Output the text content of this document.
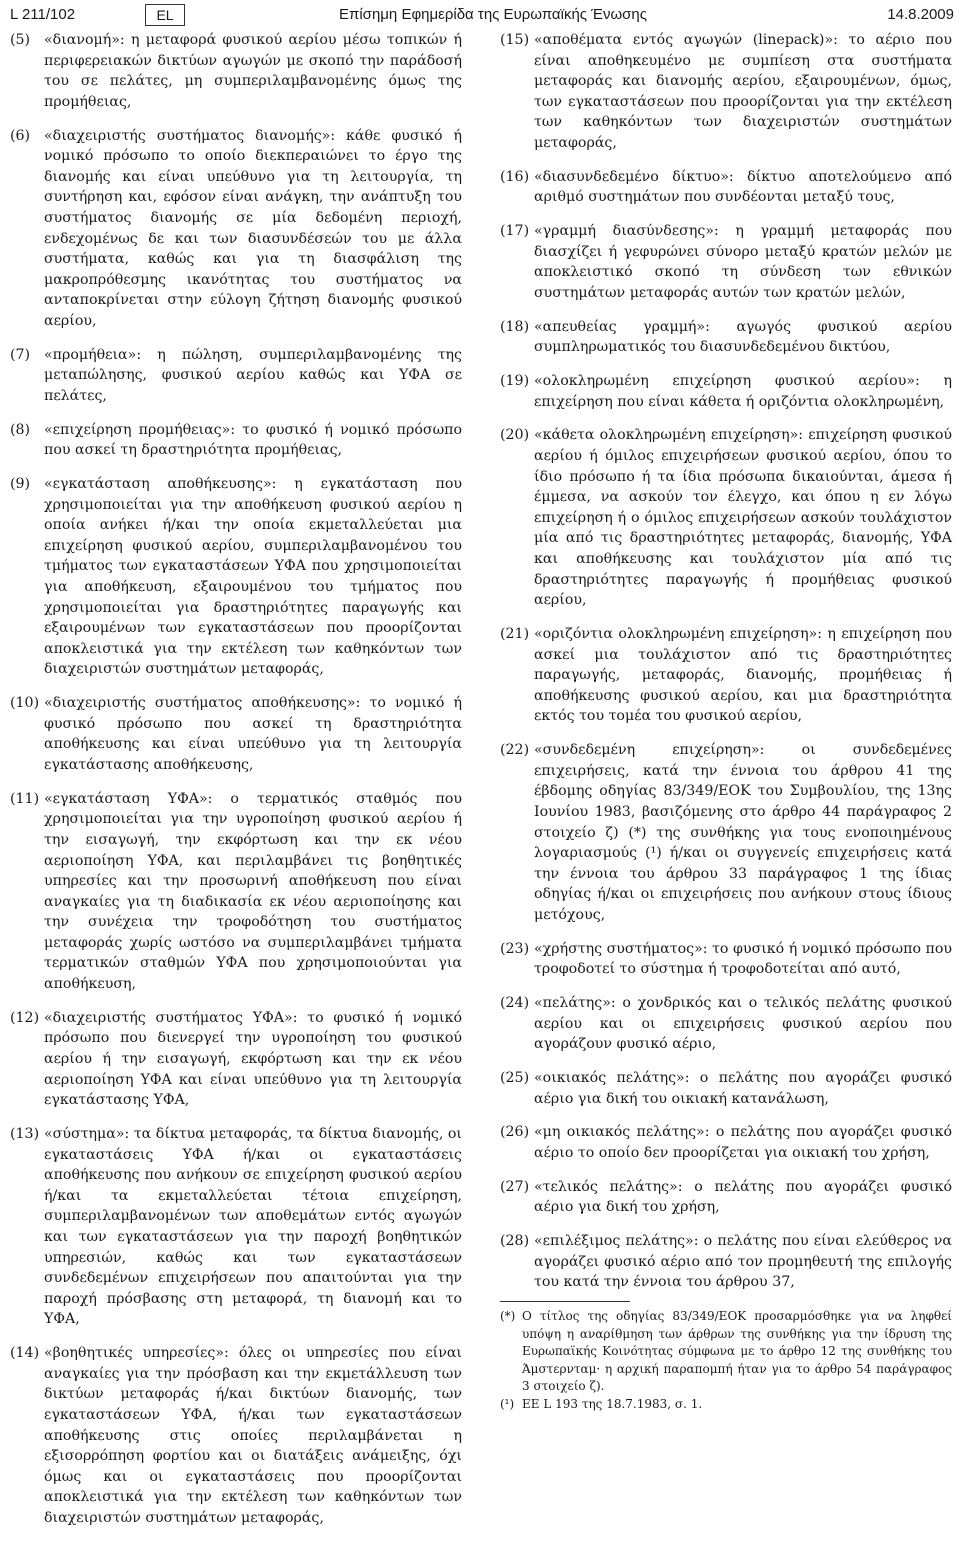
L 211/102	EL	Επίσημη Εφημερίδα της Ευρωπαϊκής Ένωσης	14.8.2009
(5) «διανομή»: η μεταφορά φυσικού αερίου μέσω τοπικών ή περιφερειακών δικτύων αγωγών με σκοπό την παράδοσή του σε πελάτες, μη συμπεριλαμβανομένης όμως της προμήθειας,
(6) «διαχειριστής συστήματος διανομής»: κάθε φυσικό ή νομικό πρόσωπο το οποίο διεκπεραιώνει το έργο της διανομής και είναι υπεύθυνο για τη λειτουργία, τη συντήρηση και, εφόσον είναι ανάγκη, την ανάπτυξη του συστήματος διανομής σε μία δεδομένη περιοχή, ενδεχομένως δε και των διασυνδέσεών του με άλλα συστήματα, καθώς και για τη διασφάλιση της μακροπρόθεσμης ικανότητας του συστήματος να ανταποκρίνεται στην εύλογη ζήτηση διανομής φυσικού αερίου,
(7) «προμήθεια»: η πώληση, συμπεριλαμβανομένης της μεταπώλησης, φυσικού αερίου καθώς και ΥΦΑ σε πελάτες,
(8) «επιχείρηση προμήθειας»: το φυσικό ή νομικό πρόσωπο που ασκεί τη δραστηριότητα προμήθειας,
(9) «εγκατάσταση αποθήκευσης»: η εγκατάσταση που χρησιμοποιείται για την αποθήκευση φυσικού αερίου η οποία ανήκει ή/και την οποία εκμεταλλεύεται μια επιχείρηση φυσικού αερίου, συμπεριλαμβανομένου του τμήματος των εγκαταστάσεων ΥΦΑ που χρησιμοποιείται για αποθήκευση, εξαιρουμένου του τμήματος που χρησιμοποιείται για δραστηριότητες παραγωγής και εξαιρουμένων των εγκαταστάσεων που προορίζονται αποκλειστικά για την εκτέλεση των καθηκόντων των διαχειριστών συστημάτων μεταφοράς,
(10) «διαχειριστής συστήματος αποθήκευσης»: το νομικό ή φυσικό πρόσωπο που ασκεί τη δραστηριότητα αποθήκευσης και είναι υπεύθυνο για τη λειτουργία εγκατάστασης αποθήκευσης,
(11) «εγκατάσταση ΥΦΑ»: ο τερματικός σταθμός που χρησιμοποιείται για την υγροποίηση φυσικού αερίου ή την εισαγωγή, την εκφόρτωση και την εκ νέου αεριοποίηση ΥΦΑ, και περιλαμβάνει τις βοηθητικές υπηρεσίες και την προσωρινή αποθήκευση που είναι αναγκαίες για τη διαδικασία εκ νέου αεριοποίησης και την συνέχεια την τροφοδότηση του συστήματος μεταφοράς χωρίς ωστόσο να συμπεριλαμβάνει τμήματα τερματικών σταθμών ΥΦΑ που χρησιμοποιούνται για αποθήκευση,
(12) «διαχειριστής συστήματος ΥΦΑ»: το φυσικό ή νομικό πρόσωπο που διενεργεί την υγροποίηση του φυσικού αερίου ή την εισαγωγή, εκφόρτωση και την εκ νέου αεριοποίηση ΥΦΑ και είναι υπεύθυνο για τη λειτουργία εγκατάστασης ΥΦΑ,
(13) «σύστημα»: τα δίκτυα μεταφοράς, τα δίκτυα διανομής, οι εγκαταστάσεις ΥΦΑ ή/και οι εγκαταστάσεις αποθήκευσης που ανήκουν σε επιχείρηση φυσικού αερίου ή/και τα εκμεταλλεύεται τέτοια επιχείρηση, συμπεριλαμβανομένων των αποθεμάτων εντός αγωγών και των εγκαταστάσεων για την παροχή βοηθητικών υπηρεσιών, καθώς και των εγκαταστάσεων συνδεδεμένων επιχειρήσεων που απαιτούνται για την παροχή πρόσβασης στη μεταφορά, τη διανομή και το ΥΦΑ,
(14) «βοηθητικές υπηρεσίες»: όλες οι υπηρεσίες που είναι αναγκαίες για την πρόσβαση και την εκμετάλλευση των δικτύων μεταφοράς ή/και δικτύων διανομής, των εγκαταστάσεων ΥΦΑ, ή/και των εγκαταστάσεων αποθήκευσης στις οποίες περιλαμβάνεται η εξισορρόπηση φορτίου και οι διατάξεις ανάμειξης, όχι όμως και οι εγκαταστάσεις που προορίζονται αποκλειστικά για την εκτέλεση των καθηκόντων των διαχειριστών συστημάτων μεταφοράς,
(15) «αποθέματα εντός αγωγών (linepack)»: το αέριο που είναι αποθηκευμένο με συμπίεση στα συστήματα μεταφοράς και διανομής αερίου, εξαιρουμένων, όμως, των εγκαταστάσεων που προορίζονται για την εκτέλεση των καθηκόντων των διαχειριστών συστημάτων μεταφοράς,
(16) «διασυνδεδεμένο δίκτυο»: δίκτυο αποτελούμενο από αριθμό συστημάτων που συνδέονται μεταξύ τους,
(17) «γραμμή διασύνδεσης»: η γραμμή μεταφοράς που διασχίζει ή γεφυρώνει σύνορο μεταξύ κρατών μελών με αποκλειστικό σκοπό τη σύνδεση των εθνικών συστημάτων μεταφοράς αυτών των κρατών μελών,
(18) «απευθείας γραμμή»: αγωγός φυσικού αερίου συμπληρωματικός του διασυνδεδεμένου δικτύου,
(19) «ολοκληρωμένη επιχείρηση φυσικού αερίου»: η επιχείρηση που είναι κάθετα ή οριζόντια ολοκληρωμένη,
(20) «κάθετα ολοκληρωμένη επιχείρηση»: επιχείρηση φυσικού αερίου ή όμιλος επιχειρήσεων φυσικού αερίου, όπου το ίδιο πρόσωπο ή τα ίδια πρόσωπα δικαιούνται, άμεσα ή έμμεσα, να ασκούν τον έλεγχο, και όπου η εν λόγω επιχείρηση ή ο όμιλος επιχειρήσεων ασκούν τουλάχιστον μία από τις δραστηριότητες μεταφοράς, διανομής, ΥΦΑ και αποθήκευσης και τουλάχιστον μία από τις δραστηριότητες παραγωγής ή προμήθειας φυσικού αερίου,
(21) «οριζόντια ολοκληρωμένη επιχείρηση»: η επιχείρηση που ασκεί μια τουλάχιστον από τις δραστηριότητες παραγωγής, μεταφοράς, διανομής, προμήθειας ή αποθήκευσης φυσικού αερίου, και μια δραστηριότητα εκτός του τομέα του φυσικού αερίου,
(22) «συνδεδεμένη επιχείρηση»: οι συνδεδεμένες επιχειρήσεις, κατά την έννοια του άρθρου 41 της έβδομης οδηγίας 83/349/ΕΟΚ του Συμβουλίου, της 13ης Ιουνίου 1983, βασιζόμενης στο άρθρο 44 παράγραφος 2 στοιχείο ζ) (*) της συνθήκης για τους ενοποιημένους λογαριασμούς (¹) ή/και οι συγγενείς επιχειρήσεις κατά την έννοια του άρθρου 33 παράγραφος 1 της ίδιας οδηγίας ή/και οι επιχειρήσεις που ανήκουν στους ίδιους μετόχους,
(23) «χρήστης συστήματος»: το φυσικό ή νομικό πρόσωπο που τροφοδοτεί το σύστημα ή τροφοδοτείται από αυτό,
(24) «πελάτης»: ο χονδρικός και ο τελικός πελάτης φυσικού αερίου και οι επιχειρήσεις φυσικού αερίου που αγοράζουν φυσικό αέριο,
(25) «οικιακός πελάτης»: ο πελάτης που αγοράζει φυσικό αέριο για δική του οικιακή κατανάλωση,
(26) «μη οικιακός πελάτης»: ο πελάτης που αγοράζει φυσικό αέριο το οποίο δεν προορίζεται για οικιακή του χρήση,
(27) «τελικός πελάτης»: ο πελάτης που αγοράζει φυσικό αέριο για δική του χρήση,
(28) «επιλέξιμος πελάτης»: ο πελάτης που είναι ελεύθερος να αγοράζει φυσικό αέριο από τον προμηθευτή της επιλογής του κατά την έννοια του άρθρου 37,
(*) Ο τίτλος της οδηγίας 83/349/ΕΟΚ προσαρμόσθηκε για να ληφθεί υπόψη η αναρίθμηση των άρθρων της συνθήκης για την ίδρυση της Ευρωπαϊκής Κοινότητας σύμφωνα με το άρθρο 12 της συνθήκης του Άμστερνταμ· η αρχική παραπομπή ήταν για το άρθρο 54 παράγραφος 3 στοιχείο ζ).
(¹) ΕΕ L 193 της 18.7.1983, σ. 1.
